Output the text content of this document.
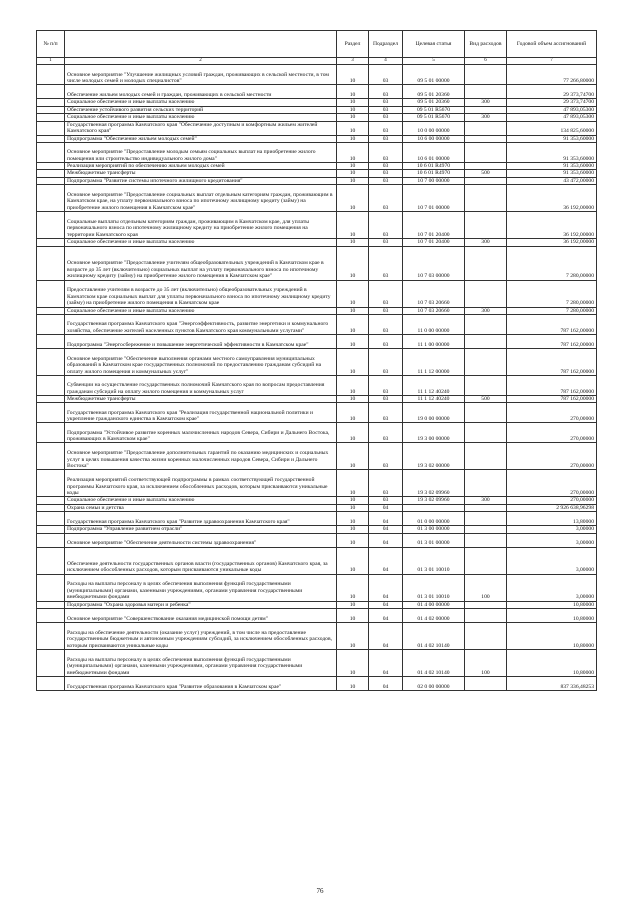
№ п/п		Раздел	Подраздел	Целевая статья	Вид расходов	Годовой объем ассигнований
1	2	3	4	5	6	7
	Основное мероприятие "Улучшение жилищных условий граждан, проживающих в сельской местности, в том числе молодых семей и молодых специалистов"	10	03	09 5 01 00000		77 266,80000
	Обеспечение жильем молодых семей и граждан, проживающих в сельской местности	10	03	09 5 01 20360		29 373,74700
	Социальное обеспечение и иные выплаты населению	10	03	09 5 01 20360	300	29 373,74700
	Обеспечение устойчивого развития сельских территорий	10	03	09 5 01 R5670		47 893,05300
	Социальное обеспечение и иные выплаты населению	10	03	09 5 01 R5670	300	47 893,05300
	Государственная программа Камчатского края "Обеспечение доступным и комфортным жильем жителей Камчатского края"	10	03	10 0 00 00000		134 825,60000
	Подпрограмма "Обеспечение жильем молодых семей"	10	03	10 6 00 00000		91 353,60000
	Основное мероприятие "Предоставление молодым семьям социальных выплат на приобретение жилого помещения или строительство индивидуального жилого дома"	10	03	10 6 01 00000		91 353,60000
	Реализация мероприятий по обеспечению жильем молодых семей	10	03	10 6 01 R4970		91 353,60000
	Межбюджетные трансферты	10	03	10 6 01 R4970	500	91 353,60000
	Подпрограмма "Развитие системы ипотечного жилищного кредитования"	10	03	10 7 00 00000		43 472,00000
	Основное мероприятие "Предоставление социальных выплат отдельным категориям граждан, проживающим в Камчатском крае, на уплату первоначального взноса по ипотечному жилищному кредиту (займу) на приобретение жилого помещения в Камчатском крае"	10	03	10 7 01 00000		36 192,00000
	Социальные выплаты отдельным категориям граждан, проживающим в Камчатском крае, для уплаты первоначального взноса по ипотечному жилищному кредиту на приобретение жилого помещения на территории Камчатского края	10	03	10 7 01 20400		36 192,00000
	Социальное обеспечение и иные выплаты населению	10	03	10 7 01 20400	300	36 192,00000
	Основное мероприятие "Предоставление учителям общеобразовательных учреждений в Камчатском крае в возрасте до 35 лет (включительно) социальных выплат на уплату первоначального взноса по ипотечному жилищному кредиту (займу) на приобретение жилого помещения в Камчатском крае"	10	03	10 7 03 00000		7 280,00000
	Предоставление учителям в возрасте до 35 лет (включительно) общеобразовательных учреждений в Камчатском крае социальных выплат для уплаты первоначального взноса по ипотечному жилищному кредиту (займу) на приобретение жилого помещения в Камчатском крае	10	03	10 7 03 20660		7 280,00000
	Социальное обеспечение и иные выплаты населению	10	03	10 7 03 20660	300	7 280,00000
	Государственная программа Камчатского края "Энергоэффективность, развитие энергетики и коммунального хозяйства, обеспечение жителей населенных пунктов Камчатского края коммунальными услугами"	10	03	11 0 00 00000		787 162,00000
	Подпрограмма "Энергосбережение и повышение энергетической эффективности в Камчатском крае"	10	03	11 1 00 00000		787 162,00000
	Основное мероприятие "Обеспечение выполнения органами местного самоуправления муниципальных образований в Камчатском крае государственных полномочий по предоставлению гражданам субсидий на оплату жилого помещения и коммунальных услуг"	10	03	11 1 12 00000		787 162,00000
	Субвенции на осуществление государственных полномочий Камчатского края по вопросам предоставления гражданам субсидий на оплату жилого помещения и коммунальных услуг	10	03	11 1 12 40240		787 162,00000
	Межбюджетные трансферты	10	03	11 1 12 40240	500	787 162,00000
	Государственная программа Камчатского края "Реализация государственной национальной политики и укрепление гражданского единства в Камчатском крае"	10	03	19 0 00 00000		270,00000
	Подпрограмма "Устойчивое развитие коренных малочисленных народов Севера, Сибири и Дальнего Востока, проживающих в Камчатском крае"	10	03	19 3 00 00000		270,00000
	Основное мероприятие "Предоставление дополнительных гарантий по оказанию медицинских и социальных услуг в целях повышения качества жизни коренных малочисленных народов Севера, Сибири и Дальнего Востока"	10	03	19 3 02 00000		270,00000
	Реализация мероприятий соответствующей подпрограммы в рамках соответствующей государственной программы Камчатского края, за исключением обособленных расходов, которым присваиваются уникальные коды	10	03	19 3 02 09960		270,00000
	Социальное обеспечение и иные выплаты населению	10	03	19 3 02 09960	300	270,00000
	Охрана семьи и детства	10	04			2 926 638,96298
	Государственная программа Камчатского края "Развитие здравоохранения Камчатского края"	10	04	01 0 00 00000		13,80000
	Подпрограмма "Управление развитием отрасли"	10	04	01 3 00 00000		3,00000
	Основное мероприятие "Обеспечение деятельности системы здравоохранения"	10	04	01 3 01 00000		3,00000
	Обеспечение деятельности государственных органов власти (государственных органов) Камчатского края, за исключением обособленных расходов, которым присваиваются уникальные коды	10	04	01 3 01 10010		3,00000
	Расходы на выплаты персоналу в целях обеспечения выполнения функций государственными (муниципальными) органами, казенными учреждениями, органами управления государственными внебюджетными фондами	10	04	01 3 01 10010	100	3,00000
	Подпрограмма "Охрана здоровья матери и ребенка"	10	04	01 4 00 00000		10,80000
	Основное мероприятие "Совершенствование оказания медицинской помощи детям"	10	04	01 4 02 00000		10,80000
	Расходы на обеспечение деятельности (оказание услуг) учреждений, в том числе на предоставление государственным бюджетным и автономным учреждениям субсидий, за исключением обособленных расходов, которым присваиваются уникальные коды	10	04	01 4 02 10140		10,80000
	Расходы на выплаты персоналу в целях обеспечения выполнения функций государственными (муниципальными) органами, казенными учреждениями, органами управления государственными внебюджетными фондами	10	04	01 4 02 10140	100	10,80000
	Государственная программа Камчатского края "Развитие образования в Камчатском крае"	10	04	02 0 00 00000		837 336,48253
76
